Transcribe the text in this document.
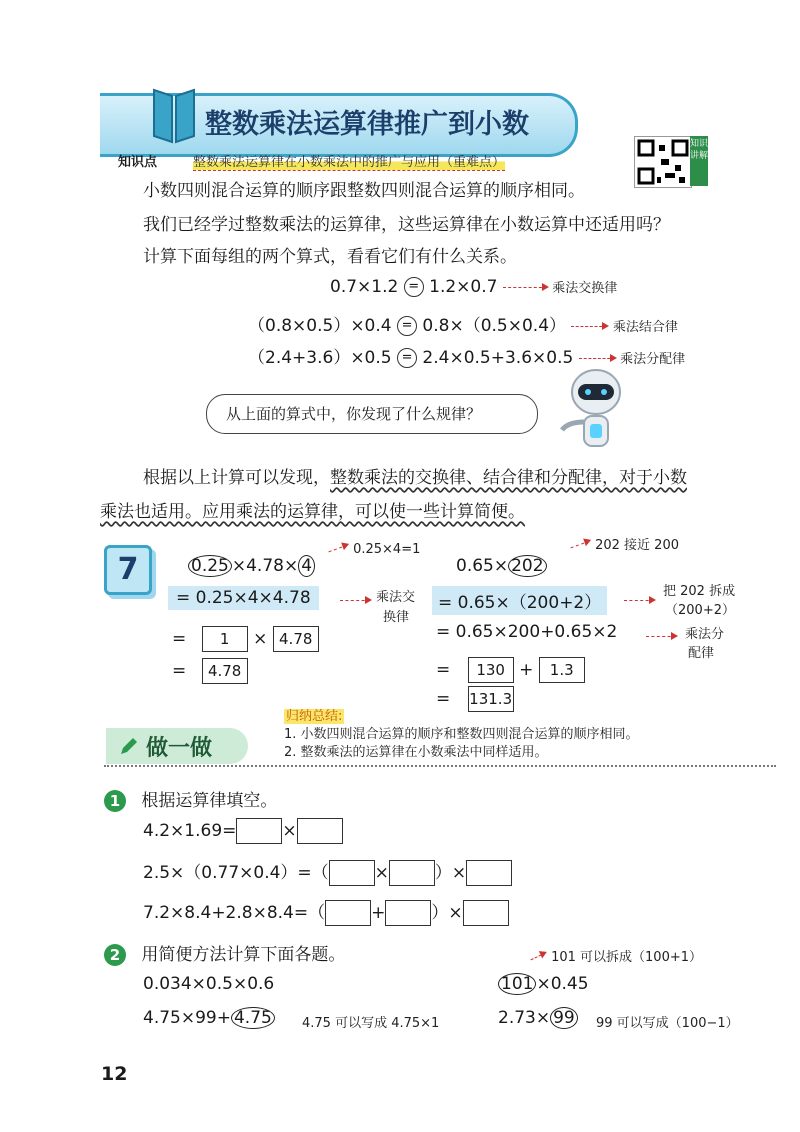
整数乘法运算律推广到小数
知识讲解
知识点	整数乘法运算律在小数乘法中的推广与应用（重难点）
小数四则混合运算的顺序跟整数四则混合运算的顺序相同。
我们已经学过整数乘法的运算律，这些运算律在小数运算中还适用吗？
计算下面每组的两个算式，看看它们有什么关系。
0.7×1.2 = 1.2×0.7	乘法交换律
（0.8×0.5）×0.4 = 0.8×（0.5×0.4）	乘法结合律
（2.4+3.6）×0.5 = 2.4×0.5+3.6×0.5	乘法分配律
从上面的算式中，你发现了什么规律？
根据以上计算可以发现，整数乘法的交换律、结合律和分配律，对于小数
乘法也适用。应用乘法的运算律，可以使一些计算简便。
7	0.25 ×4.78× 4
0.25×4=1
= 0.25×4×4.78	乘法交
换律
= 1 × 4.78
= 4.78
0.65× 202
202 接近 200
= 0.65×（200+2）
把 202 拆成
（200+2）
= 0.65×200+0.65×2	乘法分
配律
= 130 + 1.3
= 131.3
做一做
归纳总结:
1. 小数四则混合运算的顺序和整数四则混合运算的顺序相同。
2. 整数乘法的运算律在小数乘法中同样适用。
1 根据运算律填空。
4.2×1.69=	×
2.5×（0.77×0.4）=（	×	）×
7.2×8.4+2.8×8.4=（	+	）×
2 用简便方法计算下面各题。
0.034×0.5×0.6
4.75×99+ 4.75 4.75 可以写成 4.75×1
101 ×0.45
101 可以拆成（100+1）
2.73× 99 99 可以写成（100−1）
12
